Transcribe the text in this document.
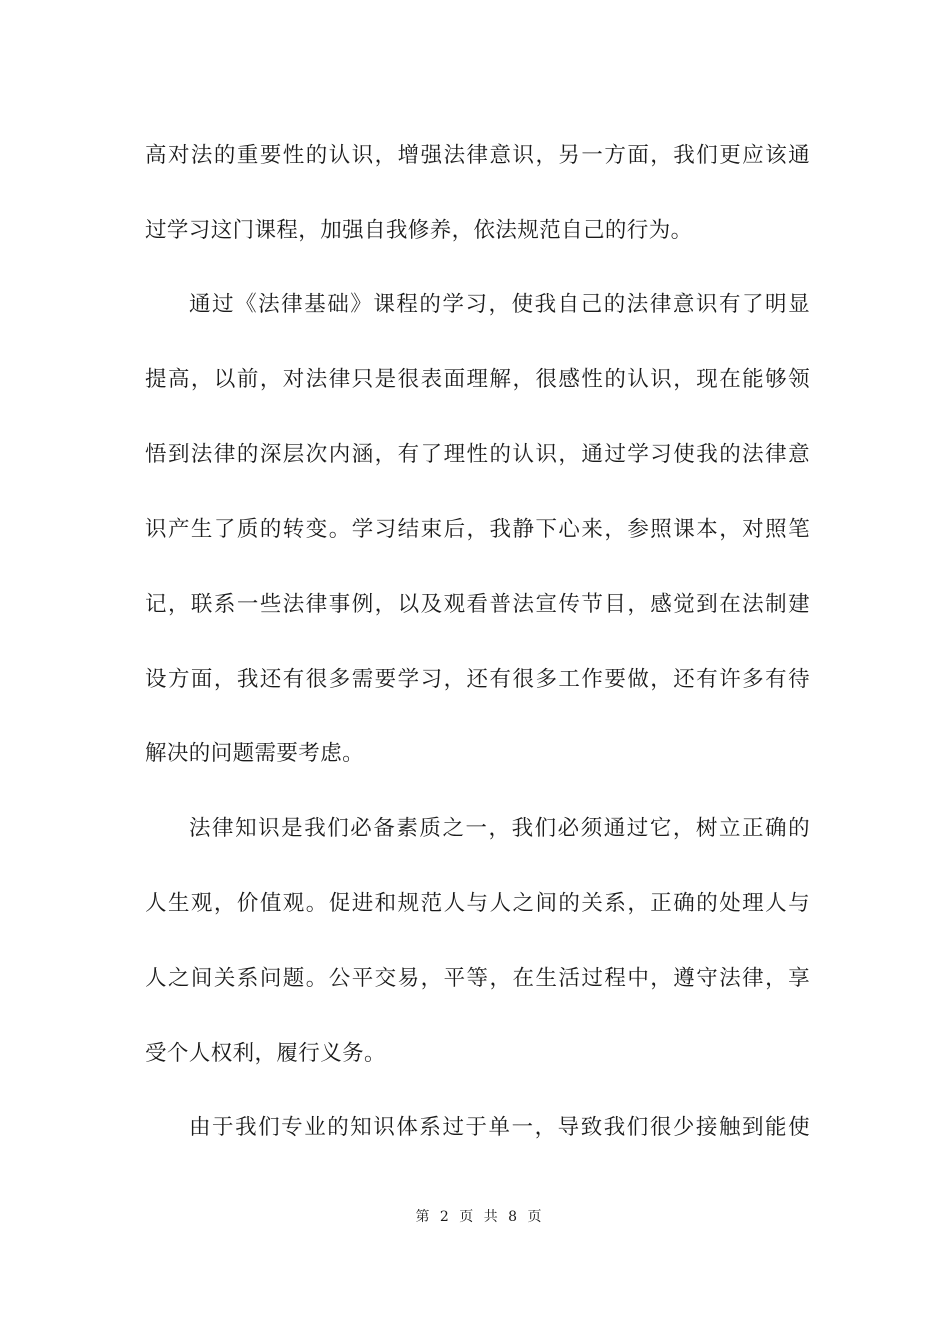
高对法的重要性的认识，增强法律意识，另一方面，我们更应该通
过学习这门课程，加强自我修养，依法规范自己的行为。
通过《法律基础》课程的学习，使我自己的法律意识有了明显
提高，以前，对法律只是很表面理解，很感性的认识，现在能够领
悟到法律的深层次内涵，有了理性的认识，通过学习使我的法律意
识产生了质的转变。学习结束后，我静下心来，参照课本，对照笔
记，联系一些法律事例，以及观看普法宣传节目，感觉到在法制建
设方面，我还有很多需要学习，还有很多工作要做，还有许多有待
解决的问题需要考虑。
法律知识是我们必备素质之一，我们必须通过它，树立正确的
人生观，价值观。促进和规范人与人之间的关系，正确的处理人与
人之间关系问题。公平交易，平等，在生活过程中，遵守法律，享
受个人权利，履行义务。
由于我们专业的知识体系过于单一，导致我们很少接触到能使
第 2 页 共 8 页
